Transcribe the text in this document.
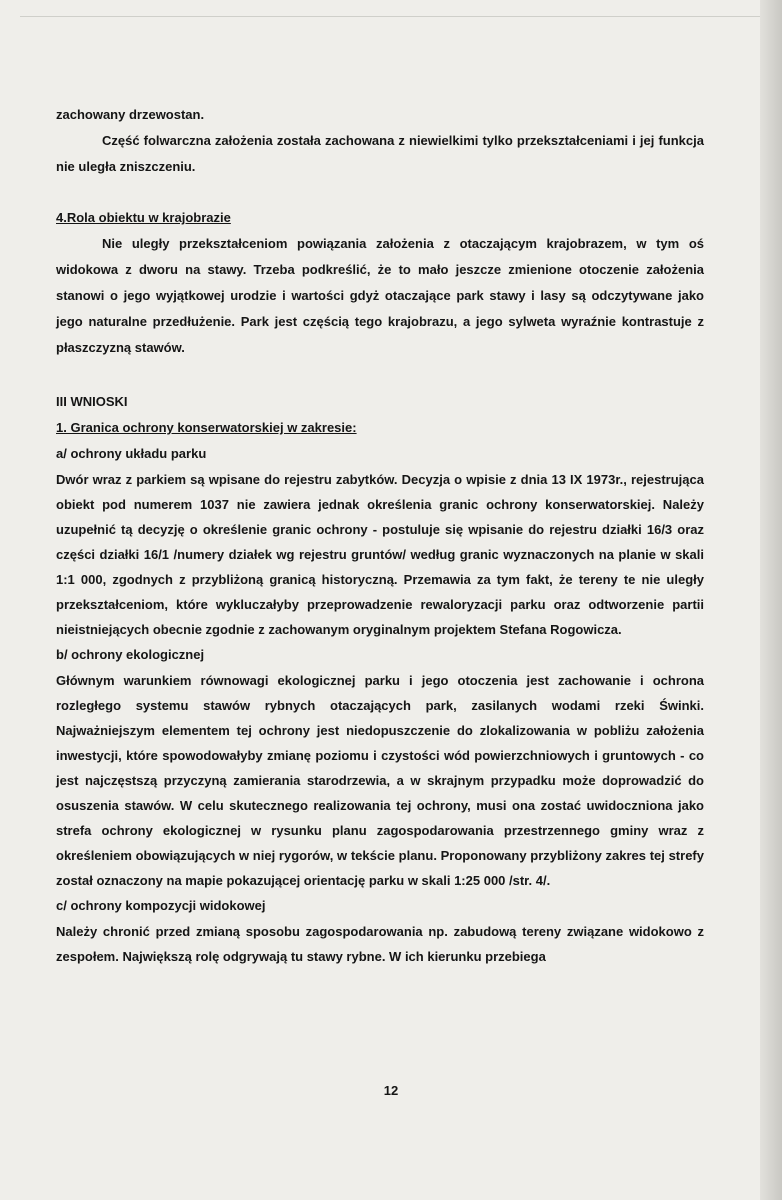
zachowany drzewostan.

Część folwarczna założenia została zachowana z niewielkimi tylko przekształceniami i jej funkcja nie uległa zniszczeniu.

4.Rola obiektu w krajobrazie

Nie uległy przekształceniom powiązania założenia z otaczającym krajobrazem, w tym oś widokowa z dworu na stawy. Trzeba podkreślić, że to mało jeszcze zmienione otoczenie założenia stanowi o jego wyjątkowej urodzie i wartości gdyż otaczające park stawy i lasy są odczytywane jako jego naturalne przedłużenie. Park jest częścią tego krajobrazu, a jego sylweta wyraźnie kontrastuje z płaszczyzną stawów.

III WNIOSKI

1. Granica ochrony konserwatorskiej w zakresie:

a/ ochrony układu parku

Dwór wraz z parkiem są wpisane do rejestru zabytków. Decyzja o wpisie z dnia 13 IX 1973r., rejestrująca obiekt pod numerem 1037 nie zawiera jednak określenia granic ochrony konserwatorskiej. Należy uzupełnić tą decyzję o określenie granic ochrony - postuluje się wpisanie do rejestru działki 16/3 oraz części działki 16/1 /numery działek wg rejestru gruntów/ według granic wyznaczonych na planie w skali 1:1 000, zgodnych z przybliżoną granicą historyczną. Przemawia za tym fakt, że tereny te nie uległy przekształceniom, które wykluczałyby przeprowadzenie rewaloryzacji parku oraz odtworzenie partii nieistniejących obecnie zgodnie z zachowanym oryginalnym projektem Stefana Rogowicza.

b/ ochrony ekologicznej

Głównym warunkiem równowagi ekologicznej parku i jego otoczenia jest zachowanie i ochrona rozległego systemu stawów rybnych otaczających park, zasilanych wodami rzeki Świnki. Najważniejszym elementem tej ochrony jest niedopuszczenie do zlokalizowania w pobliżu założenia inwestycji, które spowodowałyby zmianę poziomu i czystości wód powierzchniowych i gruntowych - co jest najczęstszą przyczyną zamierania starodrzewia, a w skrajnym przypadku może doprowadzić do osuszenia stawów. W celu skutecznego realizowania tej ochrony, musi ona zostać uwidoczniona jako strefa ochrony ekologicznej w rysunku planu zagospodarowania przestrzennego gminy wraz z określeniem obowiązujących w niej rygorów, w tekście planu. Proponowany przybliżony zakres tej strefy został oznaczony na mapie pokazującej orientację parku w skali 1:25 000 /str. 4/.

c/ ochrony kompozycji widokowej

Należy chronić przed zmianą sposobu zagospodarowania np. zabudową tereny związane widokowo z zespołem. Największą rolę odgrywają tu stawy rybne. W ich kierunku przebiega

12
